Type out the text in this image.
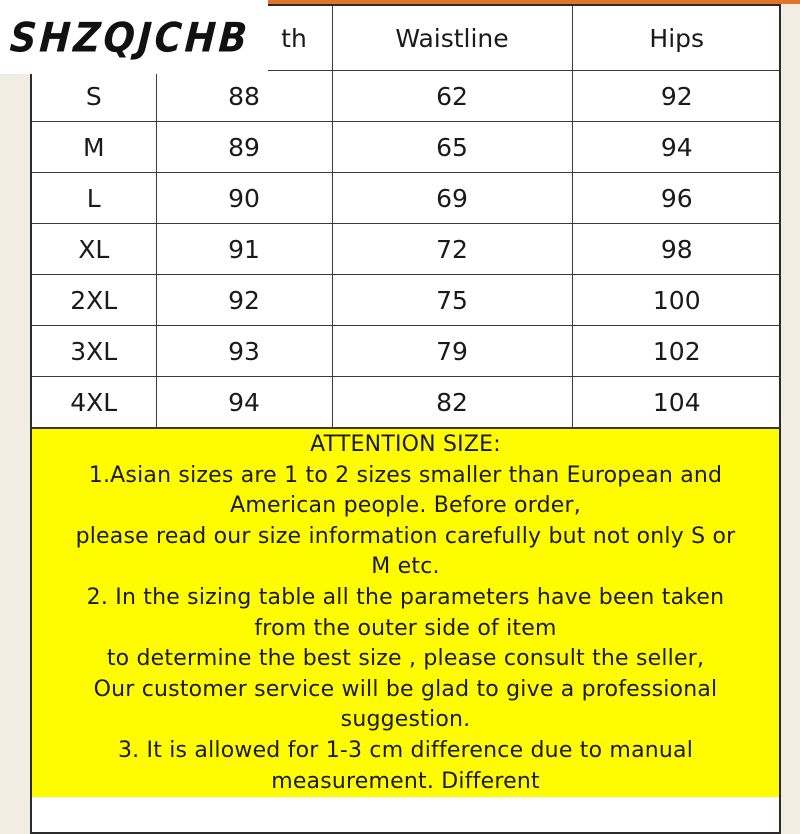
	th	Waistline	Hips
S	88	62	92
M	89	65	94
L	90	69	96
XL	91	72	98
2XL	92	75	100
3XL	93	79	102
4XL	94	82	104

ATTENTION SIZE:

1.Asian sizes are 1 to 2 sizes smaller than European and

American people. Before order,

please read our size information carefully but not only S or

M etc.

2. In the sizing table all the parameters have been taken

from the outer side of item

to determine the best size , please consult the seller,

Our customer service will be glad to give a professional

suggestion.

3. It is allowed for 1-3 cm difference due to manual

measurement. Different

SHZQJCHB
